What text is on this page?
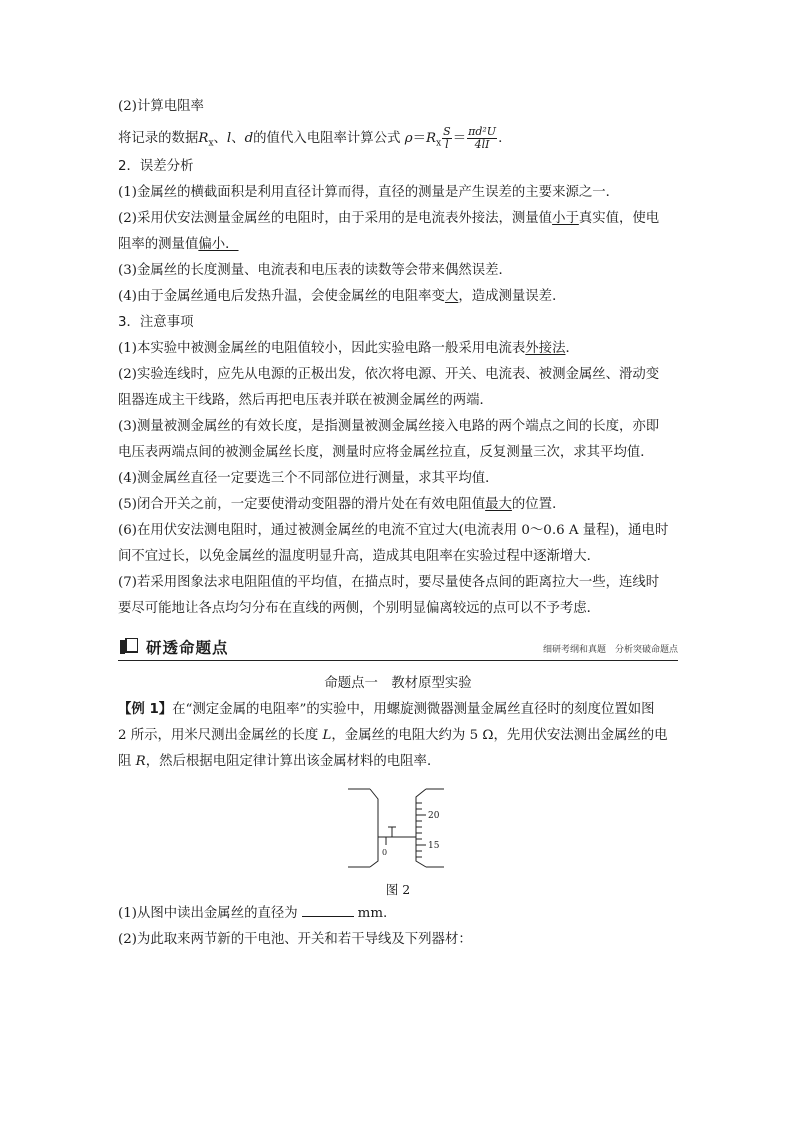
(2)计算电阻率
将记录的数据$R_x$、l、d的值代入电阻率计算公式 $\rho=R_x \frac{S}{l} = \frac{\text{πd²U}}{4lI}$ .
2．误差分析
(1)金属丝的横截面积是利用直径计算而得，直径的测量是产生误差的主要来源之一．
(2)采用伏安法测量金属丝的电阻时，由于采用的是电流表外接法，测量值小于真实值，使电
阻率的测量值偏小．
(3)金属丝的长度测量、电流表和电压表的读数等会带来偶然误差．
(4)由于金属丝通电后发热升温，会使金属丝的电阻率变大，造成测量误差．
3．注意事项
(1)本实验中被测金属丝的电阻值较小，因此实验电路一般采用电流表外接法．
(2)实验连线时，应先从电源的正极出发，依次将电源、开关、电流表、被测金属丝、滑动变
阻器连成主干线路，然后再把电压表并联在被测金属丝的两端．
(3)测量被测金属丝的有效长度，是指测量被测金属丝接入电路的两个端点之间的长度，亦即
电压表两端点间的被测金属丝长度，测量时应将金属丝拉直，反复测量三次，求其平均值．
(4)测金属丝直径一定要选三个不同部位进行测量，求其平均值．
(5)闭合开关之前，一定要使滑动变阻器的滑片处在有效电阻值最大的位置．
(6)在用伏安法测电阻时，通过被测金属丝的电流不宜过大(电流表用 0～0.6 A 量程)，通电时
间不宜过长，以免金属丝的温度明显升高，造成其电阻率在实验过程中逐渐增大．
(7)若采用图象法求电阻阻值的平均值，在描点时，要尽量使各点间的距离拉大一些，连线时
要尽可能地让各点均匀分布在直线的两侧，个别明显偏离较远的点可以不予考虑．
研透命题点	细研考纲和真题　分析突破命题点
命题点一　教材原型实验
【例 1】在“测定金属的电阻率”的实验中，用螺旋测微器测量金属丝直径时的刻度位置如图
2 所示，用米尺测出金属丝的长度 L，金属丝的电阻大约为 5 Ω，先用伏安法测出金属丝的电
阻 R，然后根据电阻定律计算出该金属材料的电阻率．
20
15
0
图 2
(1)从图中读出金属丝的直径为	mm.
(2)为此取来两节新的干电池、开关和若干导线及下列器材：
